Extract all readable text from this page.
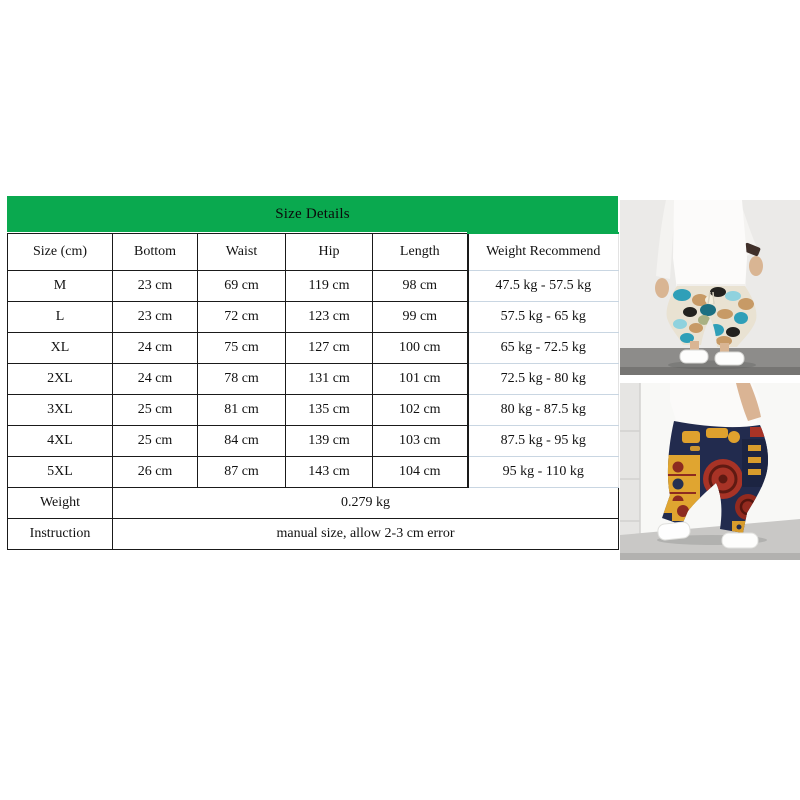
Size Details
Size (cm)	Bottom	Waist	Hip	Length	Weight Recommend
M	23 cm	69 cm	119 cm	98 cm	47.5 kg - 57.5 kg
L	23 cm	72 cm	123 cm	99 cm	57.5 kg - 65 kg
XL	24 cm	75 cm	127 cm	100 cm	65 kg - 72.5 kg
2XL	24 cm	78 cm	131 cm	101 cm	72.5 kg - 80 kg
3XL	25 cm	81 cm	135 cm	102 cm	80 kg - 87.5 kg
4XL	25 cm	84 cm	139 cm	103 cm	87.5 kg - 95 kg
5XL	26 cm	87 cm	143 cm	104 cm	95 kg - 110 kg
Weight	0.279 kg				
Instruction	manual size, allow 2-3 cm error				
